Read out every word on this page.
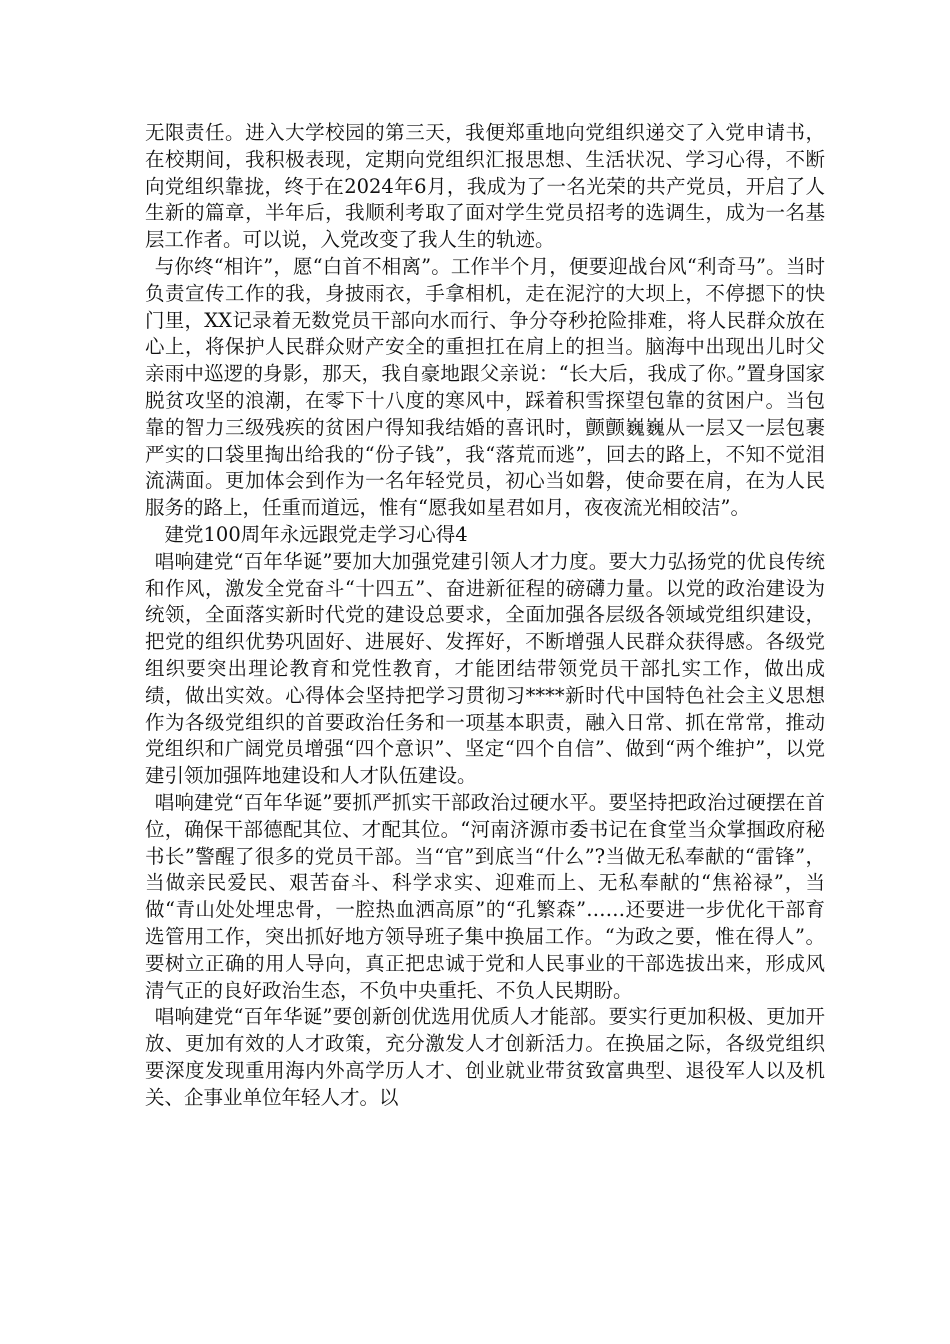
无限责任。进入大学校园的第三天，我便郑重地向党组织递交了入党申请书，在校期间，我积极表现，定期向党组织汇报思想、生活状况、学习心得，不断向党组织靠拢，终于在2024年6月，我成为了一名光荣的共产党员，开启了人生新的篇章，半年后，我顺利考取了面对学生党员招考的选调生，成为一名基层工作者。可以说，入党改变了我人生的轨迹。

与你终“相许”，愿“白首不相离”。工作半个月，便要迎战台风“利奇马”。当时负责宣传工作的我，身披雨衣，手拿相机，走在泥泞的大坝上，不停摁下的快门里，XX记录着无数党员干部向水而行、争分夺秒抢险排难，将人民群众放在心上，将保护人民群众财产安全的重担扛在肩上的担当。脑海中出现出儿时父亲雨中巡逻的身影，那天，我自豪地跟父亲说：“长大后，我成了你。”置身国家脱贫攻坚的浪潮，在零下十八度的寒风中，踩着积雪探望包靠的贫困户。当包靠的智力三级残疾的贫困户得知我结婚的喜讯时，颤颤巍巍从一层又一层包裹严实的口袋里掏出给我的“份子钱”，我“落荒而逃”，回去的路上，不知不觉泪流满面。更加体会到作为一名年轻党员，初心当如磐，使命要在肩，在为人民服务的路上，任重而道远，惟有“愿我如星君如月，夜夜流光相皎洁”。

建党100周年永远跟党走学习心得4

唱响建党“百年华诞”要加大加强党建引领人才力度。要大力弘扬党的优良传统和作风，激发全党奋斗“十四五”、奋进新征程的磅礴力量。以党的政治建设为统领，全面落实新时代党的建设总要求，全面加强各层级各领域党组织建设，把党的组织优势巩固好、进展好、发挥好，不断增强人民群众获得感。各级党组织要突出理论教育和党性教育，才能团结带领党员干部扎实工作，做出成绩，做出实效。心得体会坚持把学习贯彻习****新时代中国特色社会主义思想作为各级党组织的首要政治任务和一项基本职责，融入日常、抓在常常，推动党组织和广阔党员增强“四个意识”、坚定“四个自信”、做到“两个维护”，以党建引领加强阵地建设和人才队伍建设。

唱响建党“百年华诞”要抓严抓实干部政治过硬水平。要坚持把政治过硬摆在首位，确保干部德配其位、才配其位。“河南济源市委书记在食堂当众掌掴政府秘书长”警醒了很多的党员干部。当“官”到底当“什么”?当做无私奉献的“雷锋”，当做亲民爱民、艰苦奋斗、科学求实、迎难而上、无私奉献的“焦裕禄”，当做“青山处处埋忠骨，一腔热血洒高原”的“孔繁森”……还要进一步优化干部育选管用工作，突出抓好地方领导班子集中换届工作。“为政之要，惟在得人”。要树立正确的用人导向，真正把忠诚于党和人民事业的干部选拔出来，形成风清气正的良好政治生态，不负中央重托、不负人民期盼。

唱响建党“百年华诞”要创新创优选用优质人才能部。要实行更加积极、更加开放、更加有效的人才政策，充分激发人才创新活力。在换届之际，各级党组织要深度发现重用海内外高学历人才、创业就业带贫致富典型、退役军人以及机关、企事业单位年轻人才。以
